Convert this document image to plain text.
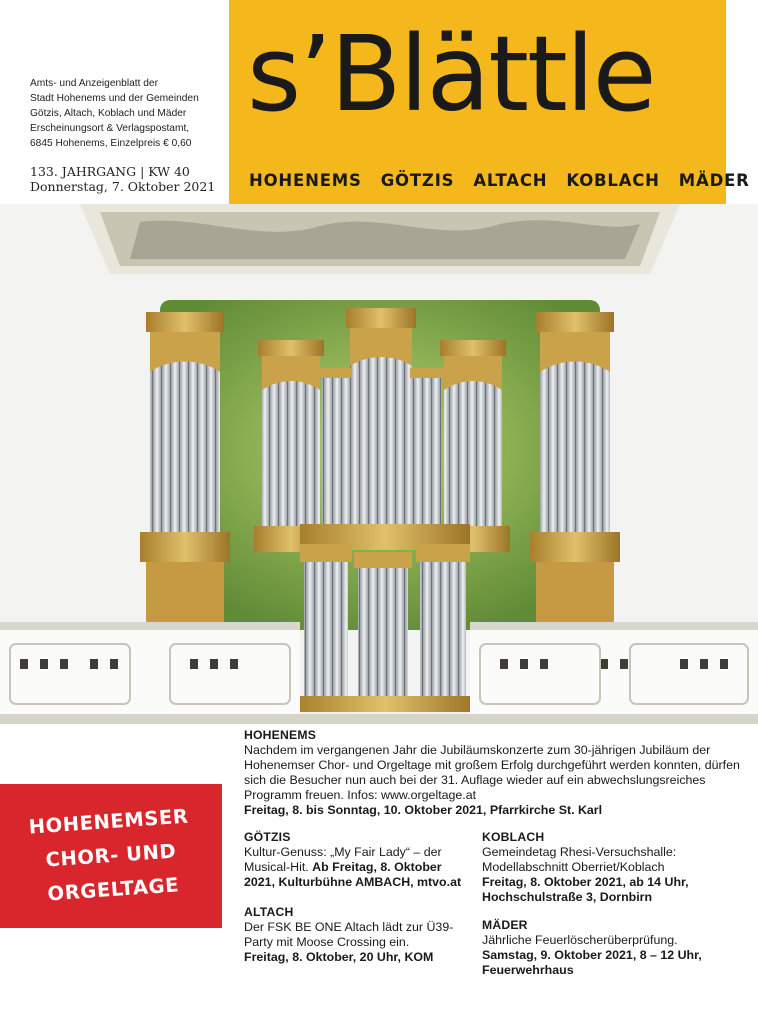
Amts- und Anzeigenblatt der
Stadt Hohenems und der Gemeinden
Götzis, Altach, Koblach und Mäder
Erscheinungsort & Verlagspostamt,
6845 Hohenems, Einzelpreis € 0,60
133. JAHRGANG | KW 40
Donnerstag, 7. Oktober 2021
s’Blättle
HOHENEMS GÖTZIS ALTACH KOBLACH MÄDER
HOHENEMSER
CHOR- UND
ORGELTAGE
HOHENEMS
Nachdem im vergangenen Jahr die Jubiläumskonzerte zum 30-jährigen Jubiläum der Hohenemser Chor- und Orgeltage mit großem Erfolg durchgeführt werden konnten, dürfen sich die Besucher nun auch bei der 31. Auflage wieder auf ein abwechslungsreiches Programm freuen. Infos: www.orgeltage.at
Freitag, 8. bis Sonntag, 10. Oktober 2021, Pfarrkirche St. Karl
GÖTZIS
Kultur-Genuss: „My Fair Lady“ – der Musical-Hit. Ab Freitag, 8. Oktober 2021, Kulturbühne AMBACH, mtvo.at
KOBLACH
Gemeindetag Rhesi-Versuchshalle: Modellabschnitt Oberriet/Koblach
Freitag, 8. Oktober 2021, ab 14 Uhr, Hochschulstraße 3, Dornbirn
ALTACH
Der FSK BE ONE Altach lädt zur Ü39-Party mit Moose Crossing ein.
Freitag, 8. Oktober, 20 Uhr, KOM
MÄDER
Jährliche Feuerlöscherüberprüfung.
Samstag, 9. Oktober 2021, 8 – 12 Uhr, Feuerwehrhaus
